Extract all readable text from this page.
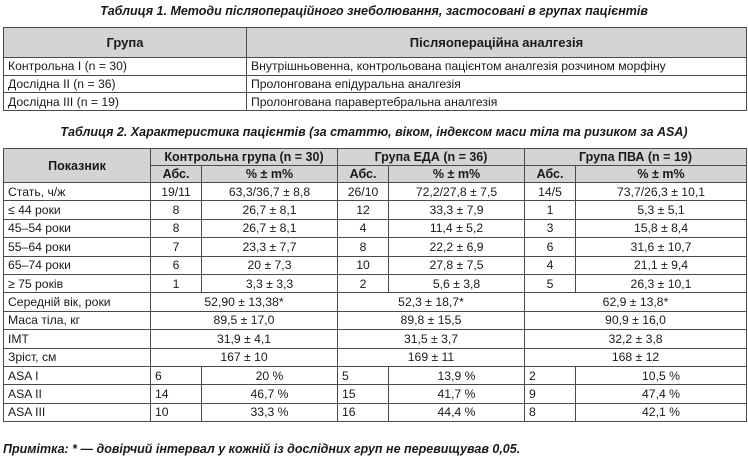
Таблиця 1. Методи післяопераційного знеболювання, застосовані в групах пацієнтів
Група	Післяопераційна аналгезія
Контрольна I (n = 30)	Внутрішньовенна, контрольована пацієнтом аналгезія розчином морфіну
Дослідна II (n = 36)	Пролонгована епідуральна аналгезія
Дослідна III (n = 19)	Пролонгована паравертебральна аналгезія
Таблиця 2. Характеристика пацієнтів (за статтю, віком, індексом маси тіла та ризиком за ASA)
Показник	Контрольна група (n = 30)		Група ЕДА (n = 36)		Група ПВА (n = 19)	
	Абс.	% ± m%	Абс.	% ± m%	Абс.	% ± m%
Стать, ч/ж	19/11	63,3/36,7 ± 8,8	26/10	72,2/27,8 ± 7,5	14/5	73,7/26,3 ± 10,1
≤ 44 роки	8	26,7 ± 8,1	12	33,3 ± 7,9	1	5,3 ± 5,1
45–54 роки	8	26,7 ± 8,1	4	11,4 ± 5,2	3	15,8 ± 8,4
55–64 роки	7	23,3 ± 7,7	8	22,2 ± 6,9	6	31,6 ± 10,7
65–74 роки	6	20 ± 7,3	10	27,8 ± 7,5	4	21,1 ± 9,4
≥ 75 років	1	3,3 ± 3,3	2	5,6 ± 3,8	5	26,3 ± 10,1
Середній вік, роки	52,90 ± 13,38*		52,3 ± 18,7*		62,9 ± 13,8*	
Маса тіла, кг	89,5 ± 17,0		89,8 ± 15,5		90,9 ± 16,0	
ІМТ	31,9 ± 4,1		31,5 ± 3,7		32,2 ± 3,8	
Зріст, см	167 ± 10		169 ± 11		168 ± 12	
ASA I	6	20 %	5	13,9 %	2	10,5 %
ASA II	14	46,7 %	15	41,7 %	9	47,4 %
ASA III	10	33,3 %	16	44,4 %	8	42,1 %
Примітка: * — довірчий інтервал у кожній із дослідних груп не перевищував 0,05.
